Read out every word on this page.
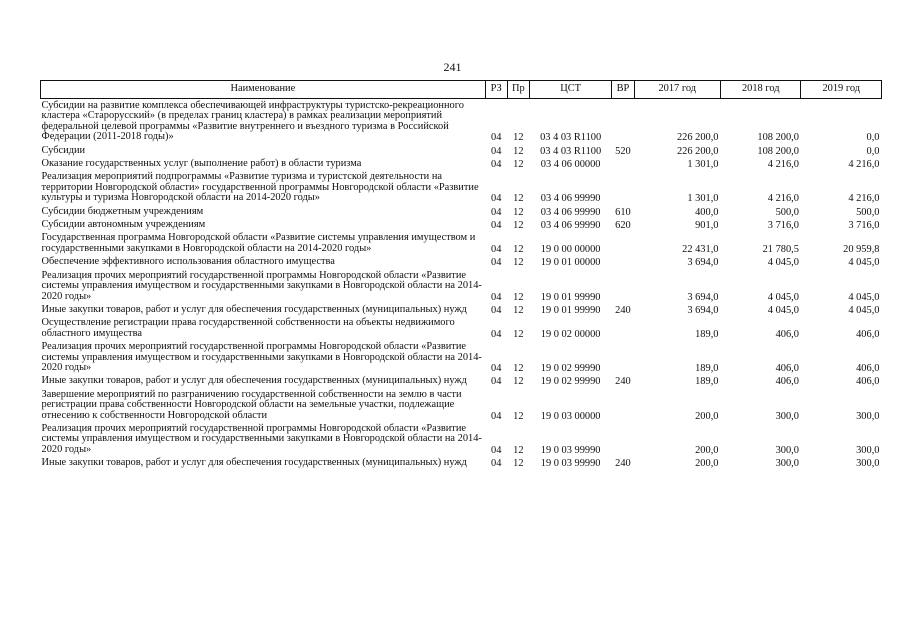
241
Наименование	РЗ	Пр	ЦСТ	ВР	2017 год	2018 год	2019 год
Субсидии на развитие комплекса обеспечивающей инфраструктуры туристско-рекреационного кластера «Старорусский» (в пределах границ кластера) в рамках реализации мероприятий федеральной целевой программы «Развитие внутреннего и въездного туризма в Российской Федерации (2011-2018 годы)»	04	12	03 4 03 R1100		226 200,0	108 200,0	0,0
Субсидии	04	12	03 4 03 R1100	520	226 200,0	108 200,0	0,0
Оказание государственных услуг (выполнение работ) в области туризма	04	12	03 4 06 00000		1 301,0	4 216,0	4 216,0
Реализация мероприятий подпрограммы «Развитие туризма и туристской деятельности на территории Новгородской области» государственной программы Новгородской области «Развитие культуры и туризма Новгородской области на 2014-2020 годы»	04	12	03 4 06 99990		1 301,0	4 216,0	4 216,0
Субсидии бюджетным учреждениям	04	12	03 4 06 99990	610	400,0	500,0	500,0
Субсидии автономным учреждениям	04	12	03 4 06 99990	620	901,0	3 716,0	3 716,0
Государственная программа Новгородской области «Развитие системы управления имуществом и государственными закупками в Новгородской области на 2014-2020 годы»	04	12	19 0 00 00000		22 431,0	21 780,5	20 959,8
Обеспечение эффективного использования областного имущества	04	12	19 0 01 00000		3 694,0	4 045,0	4 045,0
Реализация прочих мероприятий государственной программы Новгородской области «Развитие системы управления имуществом и государственными закупками в Новгородской области на 2014-2020 годы»	04	12	19 0 01 99990		3 694,0	4 045,0	4 045,0
Иные закупки товаров, работ и услуг для обеспечения государственных (муниципальных) нужд	04	12	19 0 01 99990	240	3 694,0	4 045,0	4 045,0
Осуществление регистрации права государственной собственности на объекты недвижимого областного имущества	04	12	19 0 02 00000		189,0	406,0	406,0
Реализация прочих мероприятий государственной программы Новгородской области «Развитие системы управления имуществом и государственными закупками в Новгородской области на 2014-2020 годы»	04	12	19 0 02 99990		189,0	406,0	406,0
Иные закупки товаров, работ и услуг для обеспечения государственных (муниципальных) нужд	04	12	19 0 02 99990	240	189,0	406,0	406,0
Завершение мероприятий по разграничению государственной собственности на землю в части регистрации права собственности Новгородской области на земельные участки, подлежащие отнесению к собственности Новгородской области	04	12	19 0 03 00000		200,0	300,0	300,0
Реализация прочих мероприятий государственной программы Новгородской области «Развитие системы управления имуществом и государственными закупками в Новгородской области на 2014-2020 годы»	04	12	19 0 03 99990		200,0	300,0	300,0
Иные закупки товаров, работ и услуг для обеспечения государственных (муниципальных) нужд	04	12	19 0 03 99990	240	200,0	300,0	300,0
